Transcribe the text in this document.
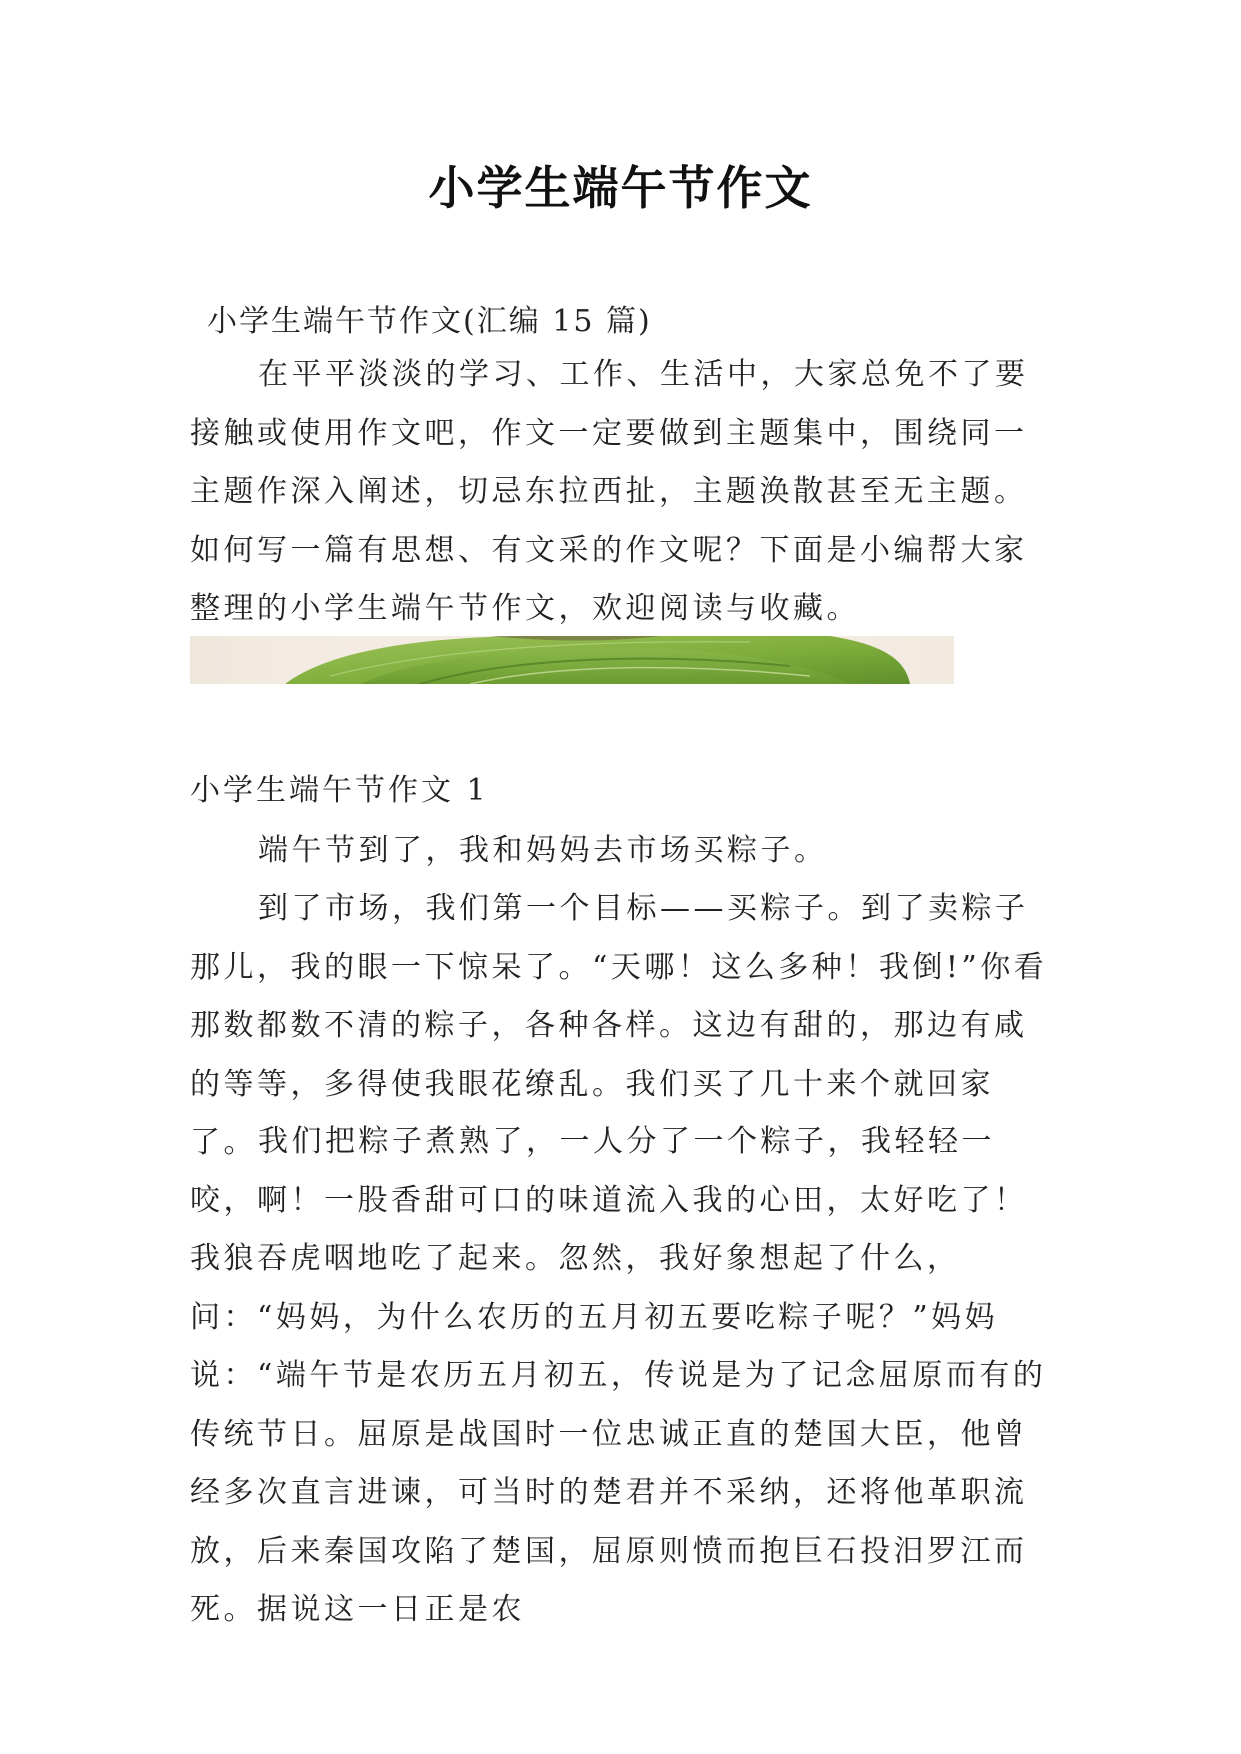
小学生端午节作文
小学生端午节作文(汇编 15 篇)

在平平淡淡的学习、工作、生活中，大家总免不了要接触或使用作文吧，作文一定要做到主题集中，围绕同一主题作深入阐述，切忌东拉西扯，主题涣散甚至无主题。如何写一篇有思想、有文采的作文呢？下面是小编帮大家整理的小学生端午节作文，欢迎阅读与收藏。

小学生端午节作文 1

端午节到了，我和妈妈去市场买粽子。

到了市场，我们第一个目标——买粽子。到了卖粽子那儿，我的眼一下惊呆了。“天哪！这么多种！我倒!”你看那数都数不清的粽子，各种各样。这边有甜的，那边有咸的等等，多得使我眼花缭乱。我们买了几十来个就回家了。 我们把粽子煮熟了，一人分了一个粽子，我轻轻一咬，啊！一股香甜可口的味道流入我的心田，太好吃了！我狼吞虎咽地吃了起来。忽然，我好象想起了什么，问：“妈妈，为什么农历的五月初五要吃粽子呢？”妈妈说：“端午节是农历五月初五，传说是为了记念屈原而有的传统节日。屈原是战国时一位忠诚正直的楚国大臣，他曾经多次直言进谏，可当时的楚君并不采纳，还将他革职流放，后来秦国攻陷了楚国，屈原则愤而抱巨石投汨罗江而死。据说这一日正是农
